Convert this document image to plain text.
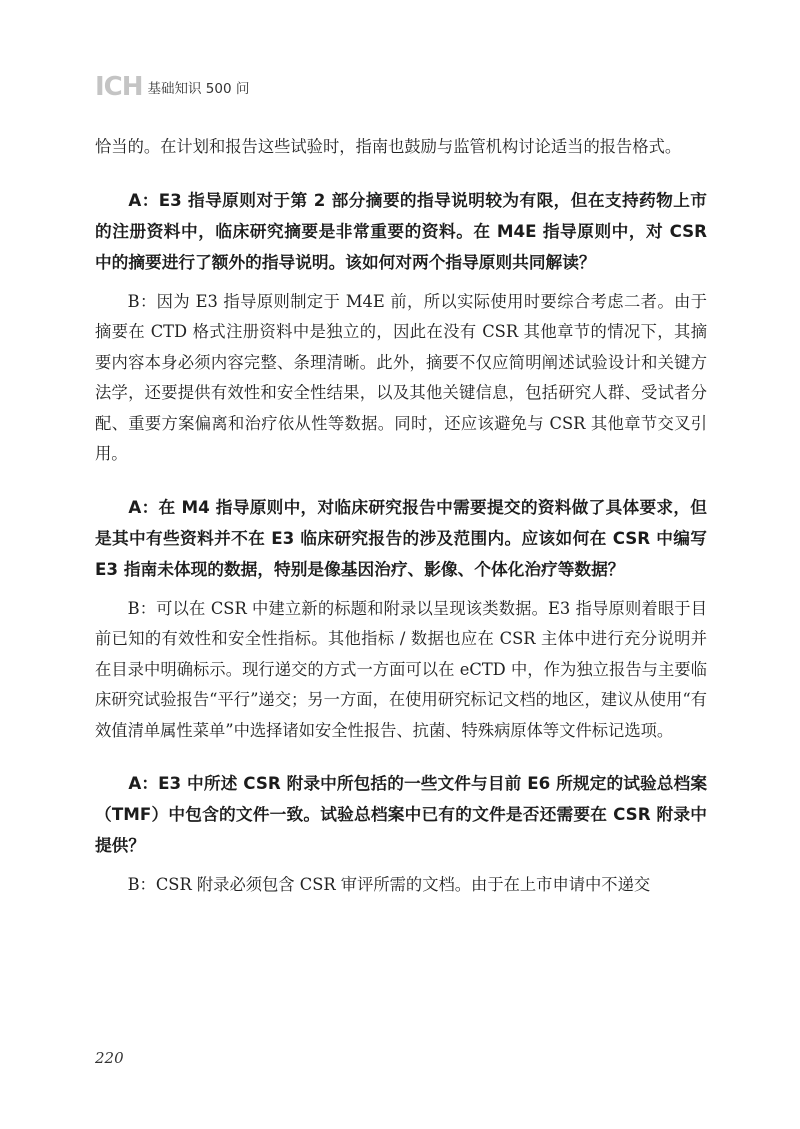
ICH 基础知识 500 问

恰当的。在计划和报告这些试验时，指南也鼓励与监管机构讨论适当的报告格式。

A：E3 指导原则对于第 2 部分摘要的指导说明较为有限，但在支持药物上市的注册资料中，临床研究摘要是非常重要的资料。在 M4E 指导原则中，对 CSR 中的摘要进行了额外的指导说明。该如何对两个指导原则共同解读？

B：因为 E3 指导原则制定于 M4E 前，所以实际使用时要综合考虑二者。由于摘要在 CTD 格式注册资料中是独立的，因此在没有 CSR 其他章节的情况下，其摘要内容本身必须内容完整、条理清晰。此外，摘要不仅应简明阐述试验设计和关键方法学，还要提供有效性和安全性结果，以及其他关键信息，包括研究人群、受试者分配、重要方案偏离和治疗依从性等数据。同时，还应该避免与 CSR 其他章节交叉引用。

A：在 M4 指导原则中，对临床研究报告中需要提交的资料做了具体要求，但是其中有些资料并不在 E3 临床研究报告的涉及范围内。应该如何在 CSR 中编写 E3 指南未体现的数据，特别是像基因治疗、影像、个体化治疗等数据？

B：可以在 CSR 中建立新的标题和附录以呈现该类数据。E3 指导原则着眼于目前已知的有效性和安全性指标。其他指标 / 数据也应在 CSR 主体中进行充分说明并在目录中明确标示。现行递交的方式一方面可以在 eCTD 中，作为独立报告与主要临床研究试验报告“平行”递交；另一方面，在使用研究标记文档的地区，建议从使用“有效值清单属性菜单”中选择诸如安全性报告、抗菌、特殊病原体等文件标记选项。

A：E3 中所述 CSR 附录中所包括的一些文件与目前 E6 所规定的试验总档案（TMF）中包含的文件一致。试验总档案中已有的文件是否还需要在 CSR 附录中提供？

B：CSR 附录必须包含 CSR 审评所需的文档。由于在上市申请中不递交

220
